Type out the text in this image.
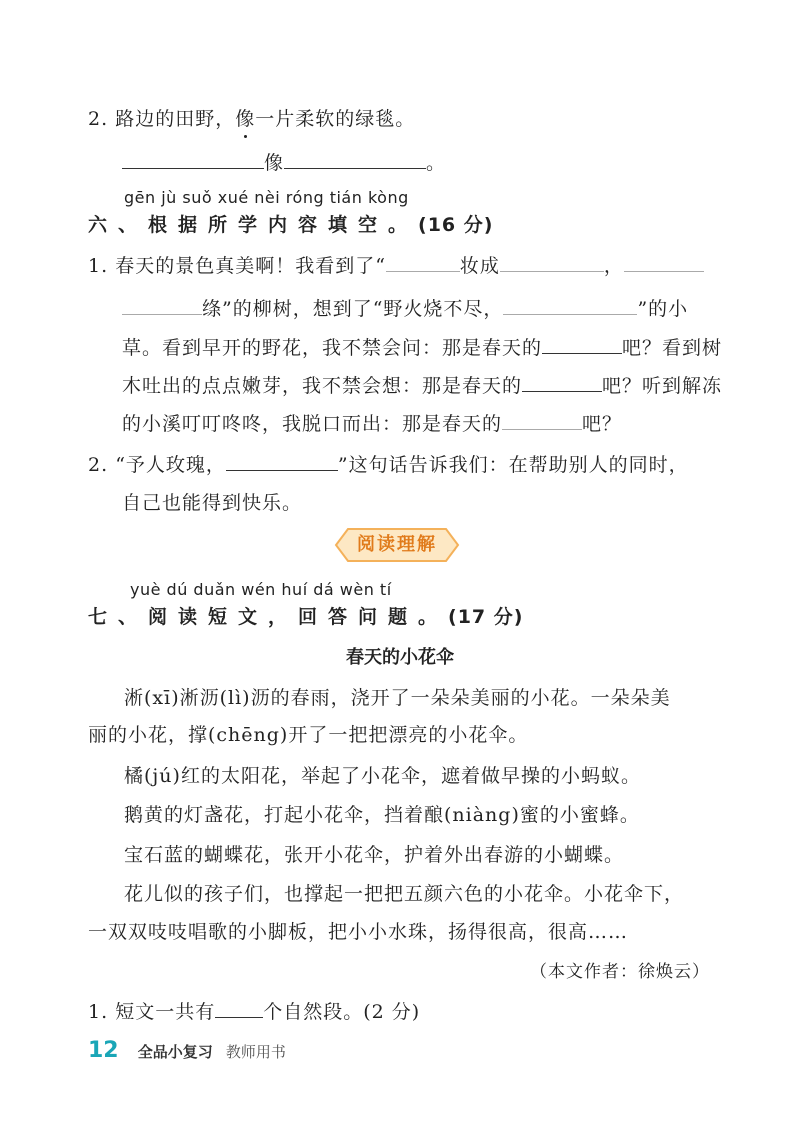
2. 路边的田野，像一片柔软的绿毯。
像	。
gēn jù suǒ xué nèi róng tián kòng
六、根据所学内容填空。(16 分)
1. 春天的景色真美啊！我看到了“	妆成	，
绦”的柳树，想到了“野火烧不尽，	”的小
草。看到早开的野花，我不禁会问：那是春天的	吧？看到树
木吐出的点点嫩芽，我不禁会想：那是春天的	吧？听到解冻
的小溪叮叮咚咚，我脱口而出：那是春天的	吧？
2. “予人玫瑰，	”这句话告诉我们：在帮助别人的同时，
自己也能得到快乐。
阅读理解
yuè dú duǎn wén huí dá wèn tí
七、阅读短文，回答问题。(17 分)
春天的小花伞
淅(xī)淅沥(lì)沥的春雨，浇开了一朵朵美丽的小花。一朵朵美
丽的小花，撑(chēng)开了一把把漂亮的小花伞。
橘(jú)红的太阳花，举起了小花伞，遮着做早操的小蚂蚁。
鹅黄的灯盏花，打起小花伞，挡着酿(niàng)蜜的小蜜蜂。
宝石蓝的蝴蝶花，张开小花伞，护着外出春游的小蝴蝶。
花儿似的孩子们，也撑起一把把五颜六色的小花伞。小花伞下，
一双双吱吱唱歌的小脚板，把小小水珠，扬得很高，很高……
（本文作者：徐焕云）
1. 短文一共有	个自然段。(2 分)
12 全品小复习 教师用书
